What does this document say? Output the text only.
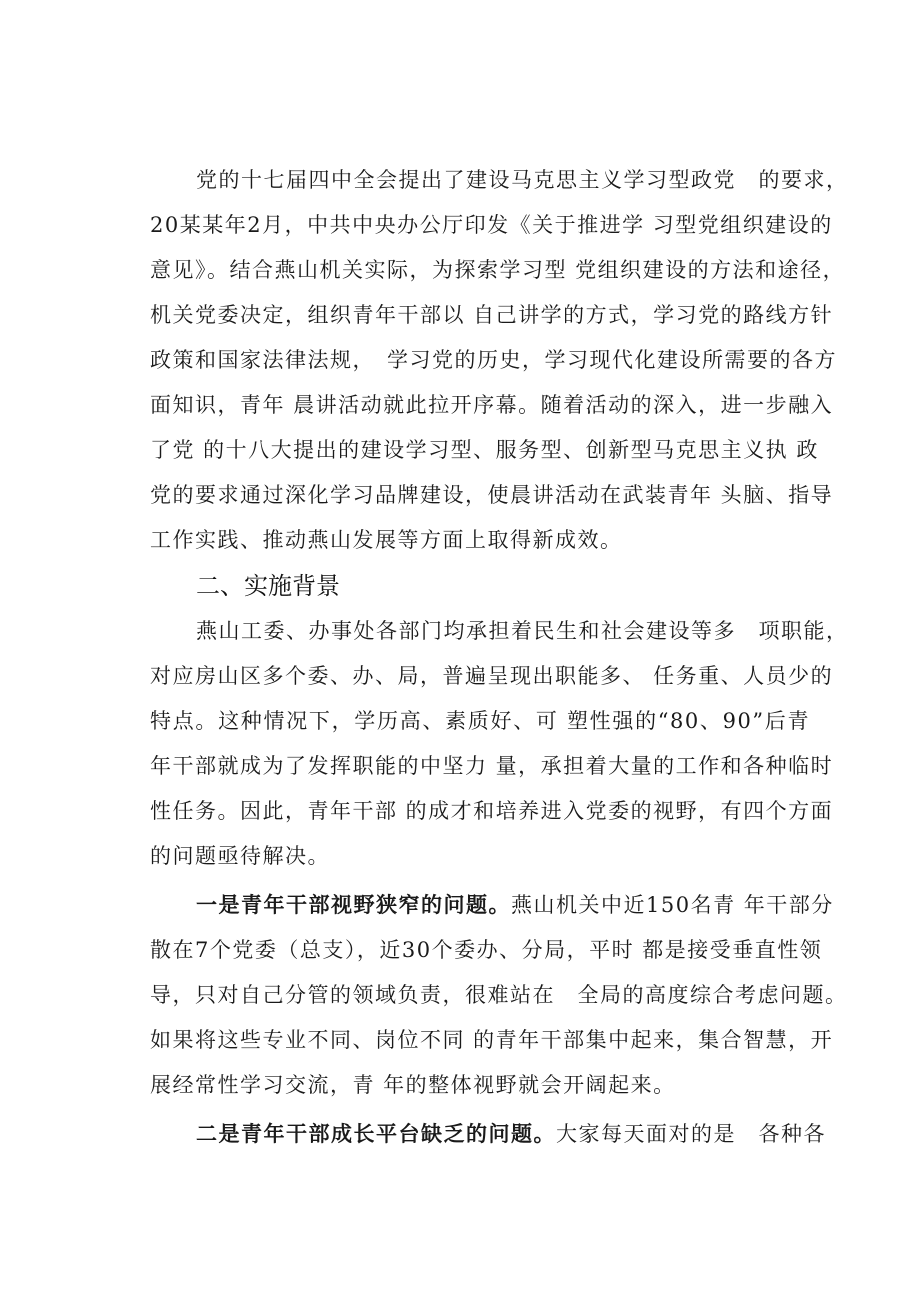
党的十七届四中全会提出了建设马克思主义学习型政党　的要求，
20某某年2月，中共中央办公厅印发《关于推进学 习型党组织建设的
意见》。结合燕山机关实际，为探索学习型 党组织建设的方法和途径，
机关党委决定，组织青年干部以 自己讲学的方式，学习党的路线方针
政策和国家法律法规，　学习党的历史，学习现代化建设所需要的各方
面知识，青年 晨讲活动就此拉开序幕。随着活动的深入，进一步融入
了党 的十八大提出的建设学习型、服务型、创新型马克思主义执 政
党的要求通过深化学习品牌建设，使晨讲活动在武装青年 头脑、指导
工作实践、推动燕山发展等方面上取得新成效。
二、实施背景
燕山工委、办事处各部门均承担着民生和社会建设等多　项职能，
对应房山区多个委、办、局，普遍呈现出职能多、 任务重、人员少的
特点。这种情况下，学历高、素质好、可 塑性强的“80、90”后青
年干部就成为了发挥职能的中坚力 量，承担着大量的工作和各种临时
性任务。因此，青年干部 的成才和培养进入党委的视野，有四个方面
的问题亟待解决。
一是青年干部视野狭窄的问题。燕山机关中近150名青 年干部分
散在7个党委（总支），近30个委办、分局，平时 都是接受垂直性领
导，只对自己分管的领域负责，很难站在　全局的高度综合考虑问题。
如果将这些专业不同、岗位不同 的青年干部集中起来，集合智慧，开
展经常性学习交流，青 年的整体视野就会开阔起来。
二是青年干部成长平台缺乏的问题。大家每天面对的是　各种各
